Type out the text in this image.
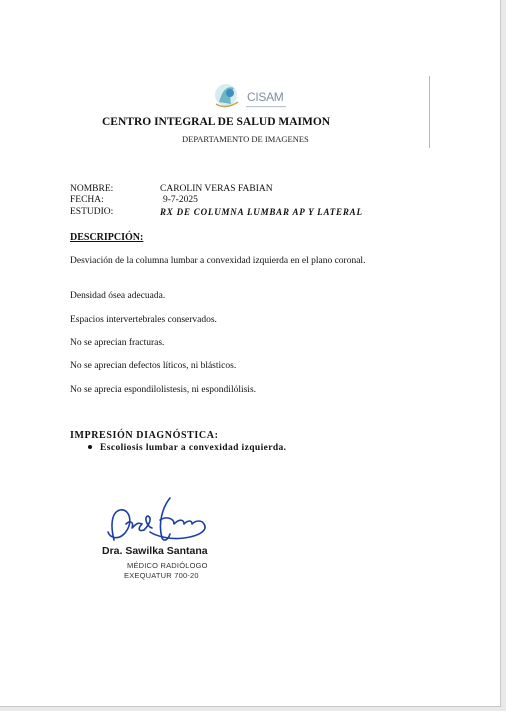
CISAM
CENTRO INTEGRAL DE SALUD MAIMON
DEPARTAMENTO DE IMAGENES
NOMBRE:	CAROLIN VERAS FABIAN
FECHA:	9-7-2025
ESTUDIO:	RX DE COLUMNA LUMBAR AP Y LATERAL
DESCRIPCIÓN:
Desviación de la columna lumbar a convexidad izquierda en el plano coronal.
Densidad ósea adecuada.
Espacios intervertebrales conservados.
No se aprecian fracturas.
No se aprecian defectos líticos, ni blásticos.
No se aprecia espondilolistesis, ni espondilólisis.
IMPRESIÓN DIAGNÓSTICA:
Escoliosis lumbar a convexidad izquierda.
Dra. Sawilka Santana
MÉDICO RADIÓLOGO
EXEQUATUR 700-20
